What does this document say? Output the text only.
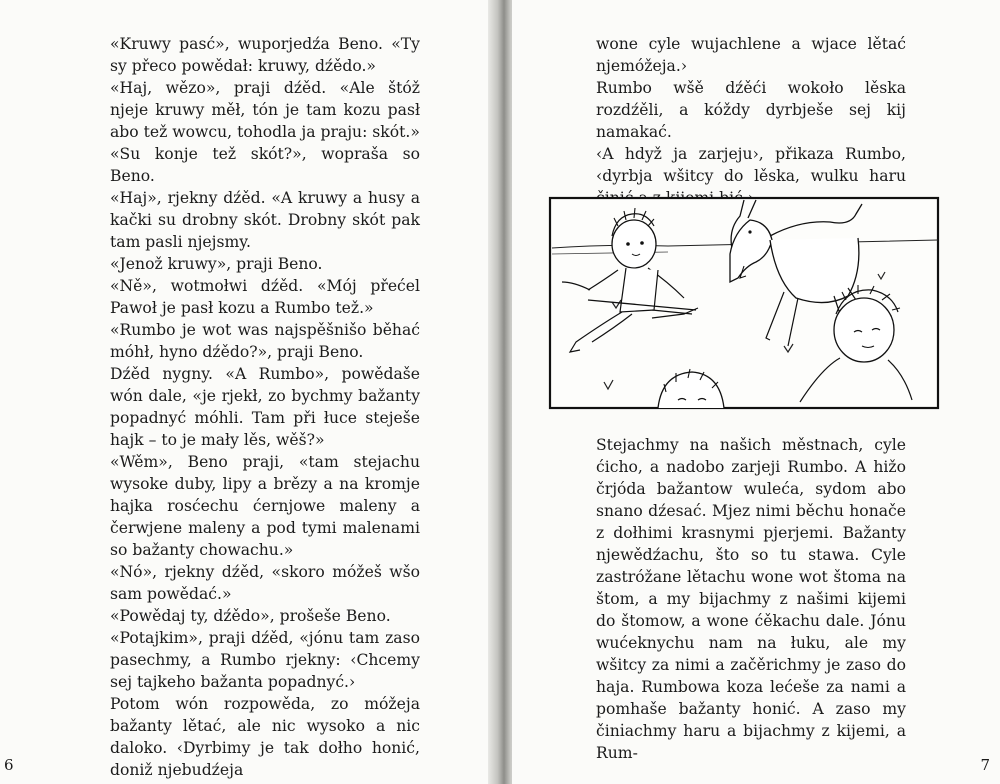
«Kruwy pasć», wuporjedźa Beno. «Ty sy přeco powědał: kruwy, dźědo.»

«Haj, wězo», praji dźěd. «Ale štóž njeje kruwy měł, tón je tam kozu pasł abo tež wowcu, tohodla ja praju: skót.»

«Su konje tež skót?», wopraša so Beno.

«Haj», rjekny dźěd. «A kruwy a husy a kački su drobny skót. Drobny skót pak tam pasli njejsmy.

«Jenož kruwy», praji Beno.

«Ně», wotmołwi dźěd. «Mój přećel Pawoł je pasł kozu a Rumbo tež.»

«Rumbo je wot was najspěšnišo běhać móhł, hyno dźědo?», praji Beno.

Dźěd nygny. «A Rumbo», powědaše wón dale, «je rjekł, zo bychmy bažanty popadnyć móhli. Tam při łuce steješe hajk – to je mały lěs, wěš?»

«Wěm», Beno praji, «tam stejachu wysoke duby, lipy a brězy a na kromje hajka rosćechu ćernjowe maleny a čerwjene maleny a pod tymi malenami so bažanty chowachu.»

«Nó», rjekny dźěd, «skoro móžeš wšo sam powědać.»

«Powědaj ty, dźědo», prošeše Beno.

«Potajkim», praji dźěd, «jónu tam zaso pasechmy, a Rumbo rjekny: ‹Chcemy sej tajkeho bažanta popadnyć.›

Potom wón rozpowěda, zo móžeja bažanty lětać, ale nic wysoko a nic daloko. ‹Dyrbimy je tak dołho honić, doniž njebudźeja

6

wone cyle wujachlene a wjace lětać njemóžeja.›

Rumbo wšě dźěći wokoło lěska rozdźěli, a kóždy dyrbješe sej kij namakać.

‹A hdyž ja zarjeju›, přikaza Rumbo, ‹dyrbja wšitcy do lěska, wulku haru

Stejachmy na našich městnach, cyle ćicho, a nadobo zarjeji Rumbo. A hižo črjóda bažantow wuleća, sydom abo snano dźesać. Mjez nimi běchu honače z dołhimi krasnymi pjerjemi. Bažanty njewědźachu, što so tu stawa. Cyle zastróžane lětachu wone wot štoma na štom, a my bijachmy z našimi kijemi do štomow, a wone ćěkachu dale. Jónu wućeknychu nam na łuku, ale my wšitcy za nimi a začěrichmy je zaso do haja. Rumbowa koza lećeše za nami a pomhaše bažanty honić. A zaso my čini̇achmy haru a bijachmy z kijemi, a Rum-

7
